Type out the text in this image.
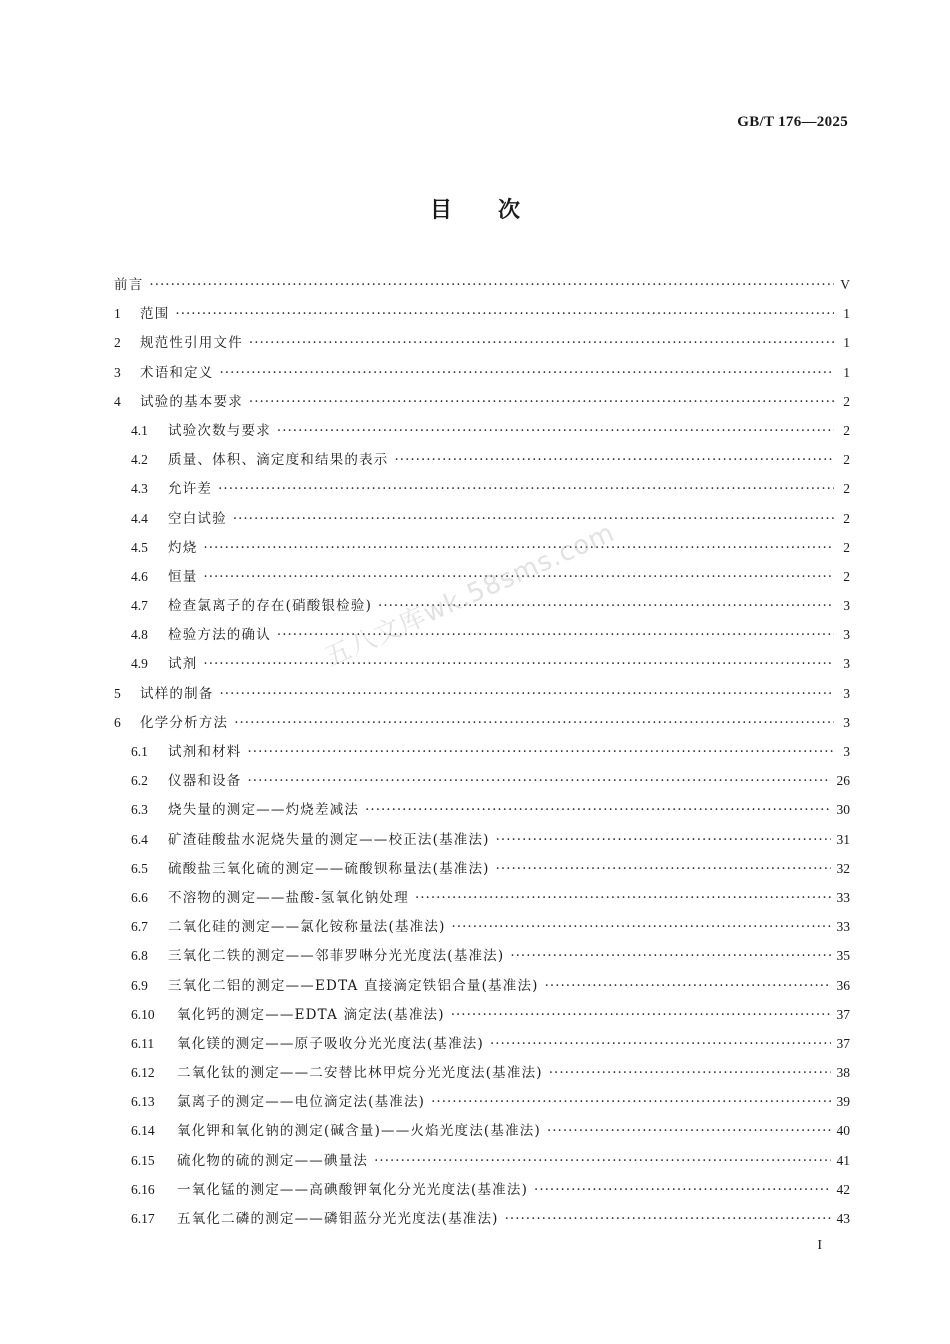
GB/T 176—2025
目次
前言 ·····	V
1	范围 ·····	1
2	规范性引用文件 ·····	1
3	术语和定义 ·····	1
4	试验的基本要求 ·····	2
4.1	试验次数与要求 ·····	2
4.2	质量、体积、滴定度和结果的表示 ·····	2
4.3	允许差 ·····	2
4.4	空白试验 ·····	2
4.5	灼烧 ·····	2
4.6	恒量 ·····	2
4.7	检查氯离子的存在(硝酸银检验) ·····	3
4.8	检验方法的确认 ·····	3
4.9	试剂 ·····	3
5	试样的制备 ·····	3
6	化学分析方法 ·····	3
6.1	试剂和材料 ·····	3
6.2	仪器和设备 ·····	26
6.3	烧失量的测定——灼烧差减法 ·····	30
6.4	矿渣硅酸盐水泥烧失量的测定——校正法(基准法) ·····	31
6.5	硫酸盐三氧化硫的测定——硫酸钡称量法(基准法) ·····	32
6.6	不溶物的测定——盐酸-氢氧化钠处理 ·····	33
6.7	二氧化硅的测定——氯化铵称量法(基准法) ·····	33
6.8	三氧化二铁的测定——邻菲罗啉分光光度法(基准法) ·····	35
6.9	三氧化二铝的测定——EDTA 直接滴定铁铝合量(基准法) ·····	36
6.10	氧化钙的测定——EDTA 滴定法(基准法) ·····	37
6.11	氧化镁的测定——原子吸收分光光度法(基准法) ·····	37
6.12	二氧化钛的测定——二安替比林甲烷分光光度法(基准法) ·····	38
6.13	氯离子的测定——电位滴定法(基准法) ·····	39
6.14	氧化钾和氧化钠的测定(碱含量)——火焰光度法(基准法) ·····	40
6.15	硫化物的硫的测定——碘量法 ·····	41
6.16	一氧化锰的测定——高碘酸钾氧化分光光度法(基准法) ·····	42
6.17	五氧化二磷的测定——磷钼蓝分光光度法(基准法) ·····	43
五八文库wk.58sms.com
I
